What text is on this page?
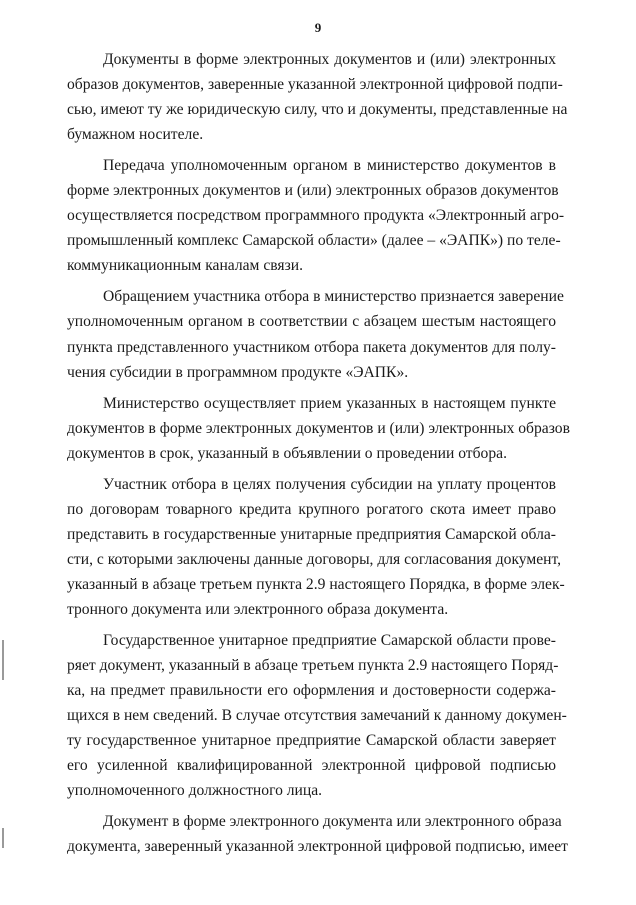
9
Документы в форме электронных документов и (или) электронных
образов документов, заверенные указанной электронной цифровой подпи-
сью, имеют ту же юридическую силу, что и документы, представленные на
бумажном носителе.
Передача уполномоченным органом в министерство документов в
форме электронных документов и (или) электронных образов документов
осуществляется посредством программного продукта «Электронный агро-
промышленный комплекс Самарской области» (далее – «ЭАПК») по теле-
коммуникационным каналам связи.
Обращением участника отбора в министерство признается заверение
уполномоченным органом в соответствии с абзацем шестым настоящего
пункта представленного участником отбора пакета документов для полу-
чения субсидии в программном продукте «ЭАПК».
Министерство осуществляет прием указанных в настоящем пункте
документов в форме электронных документов и (или) электронных образов
документов в срок, указанный в объявлении о проведении отбора.
Участник отбора в целях получения субсидии на уплату процентов
по договорам товарного кредита крупного рогатого скота имеет право
представить в государственные унитарные предприятия Самарской обла-
сти, с которыми заключены данные договоры, для согласования документ,
указанный в абзаце третьем пункта 2.9 настоящего Порядка, в форме элек-
тронного документа или электронного образа документа.
Государственное унитарное предприятие Самарской области прове-
ряет документ, указанный в абзаце третьем пункта 2.9 настоящего Поряд-
ка, на предмет правильности его оформления и достоверности содержа-
щихся в нем сведений. В случае отсутствия замечаний к данному докумен-
ту государственное унитарное предприятие Самарской области заверяет
его усиленной квалифицированной электронной цифровой подписью
уполномоченного должностного лица.
Документ в форме электронного документа или электронного образа
документа, заверенный указанной электронной цифровой подписью, имеет
